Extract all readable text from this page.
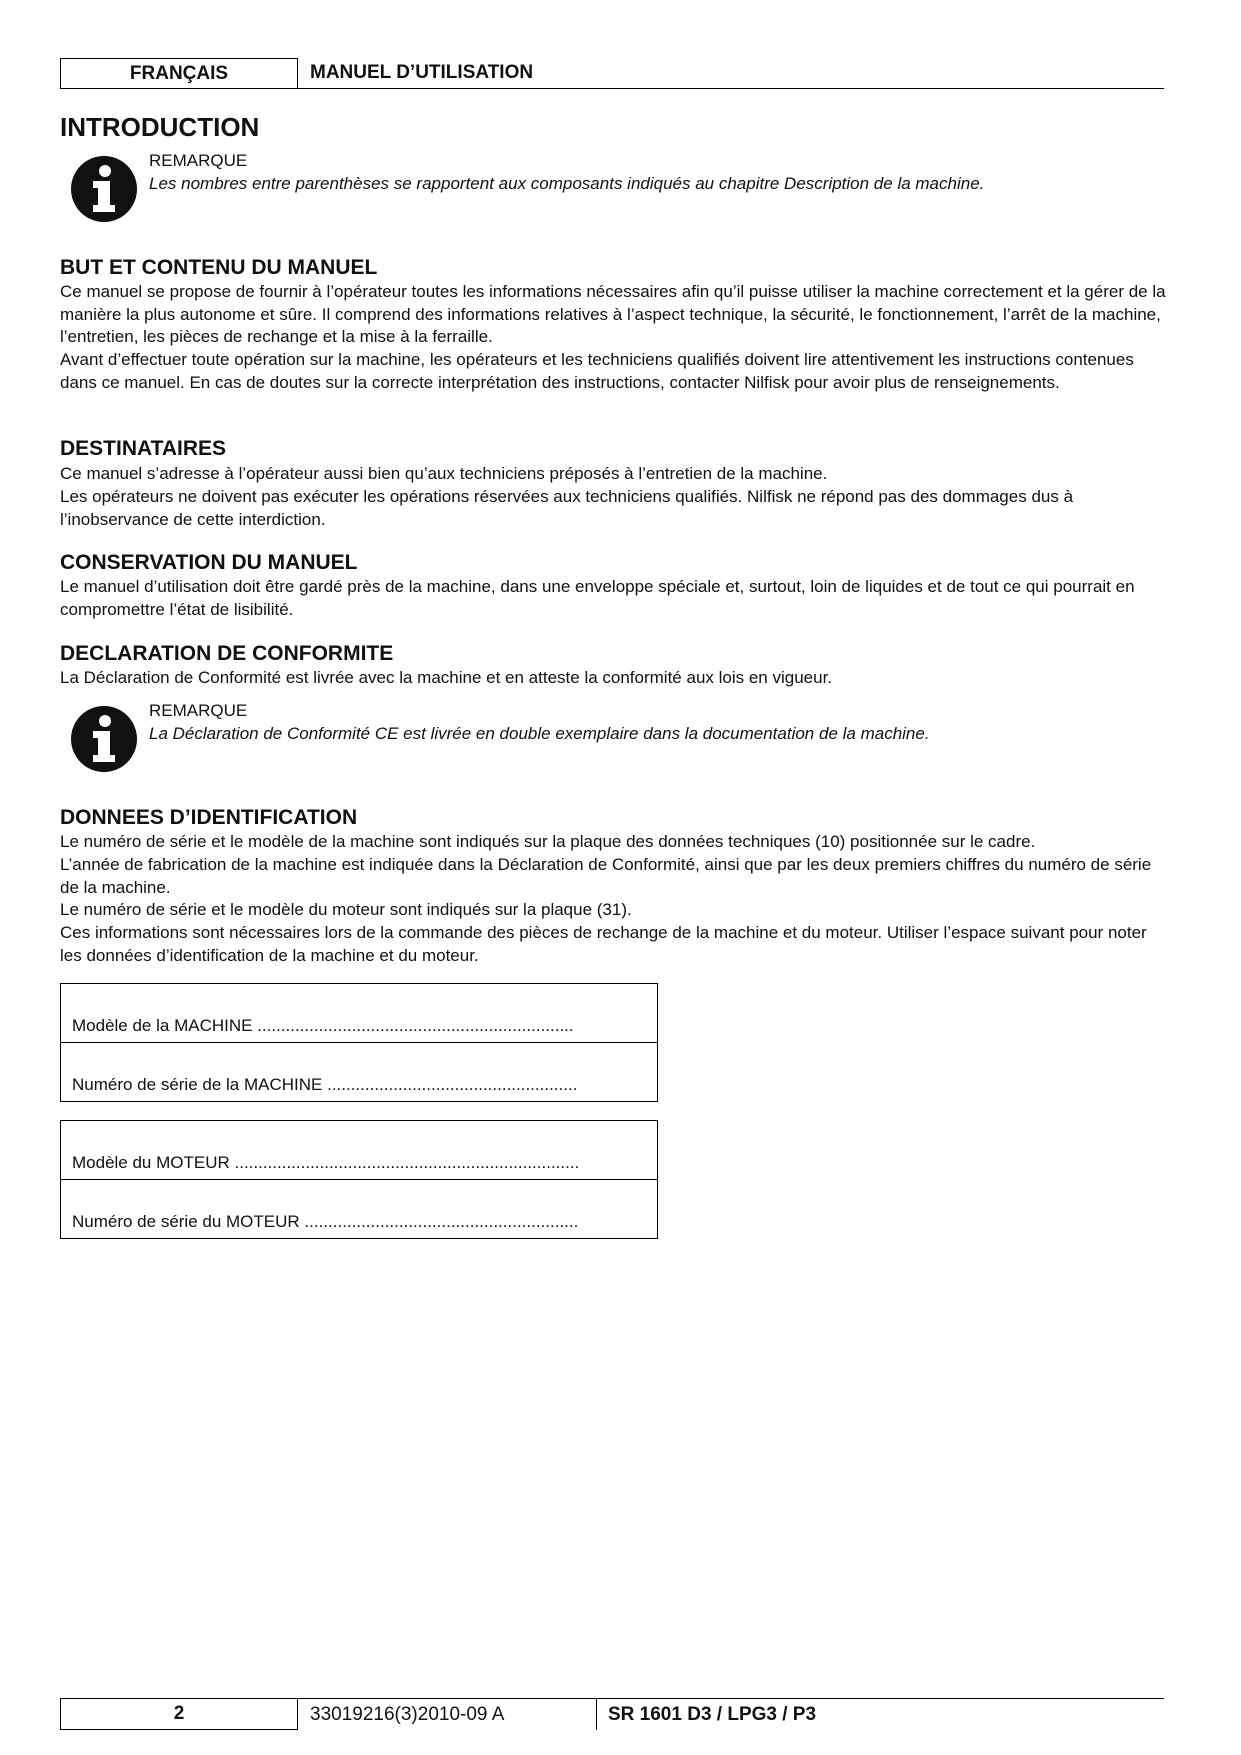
FRANÇAIS	MANUEL D’UTILISATION
INTRODUCTION
REMARQUE
Les nombres entre parenthèses se rapportent aux composants indiqués au chapitre Description de la machine.
BUT ET CONTENU DU MANUEL
Ce manuel se propose de fournir à l’opérateur toutes les informations nécessaires afin qu’il puisse utiliser la machine correctement et la gérer de la manière la plus autonome et sûre. Il comprend des informations relatives à l’aspect technique, la sécurité, le fonctionnement, l’arrêt de la machine, l’entretien, les pièces de rechange et la mise à la ferraille.
Avant d’effectuer toute opération sur la machine, les opérateurs et les techniciens qualifiés doivent lire attentivement les instructions contenues dans ce manuel. En cas de doutes sur la correcte interprétation des instructions, contacter Nilfisk pour avoir plus de renseignements.
DESTINATAIRES
Ce manuel s’adresse à l’opérateur aussi bien qu’aux techniciens préposés à l’entretien de la machine.
Les opérateurs ne doivent pas exécuter les opérations réservées aux techniciens qualifiés. Nilfisk ne répond pas des dommages dus à l’inobservance de cette interdiction.
CONSERVATION DU MANUEL
Le manuel d’utilisation doit être gardé près de la machine, dans une enveloppe spéciale et, surtout, loin de liquides et de tout ce qui pourrait en compromettre l’état de lisibilité.
DECLARATION DE CONFORMITE
La Déclaration de Conformité est livrée avec la machine et en atteste la conformité aux lois en vigueur.
REMARQUE
La Déclaration de Conformité CE est livrée en double exemplaire dans la documentation de la machine.
DONNEES D’IDENTIFICATION
Le numéro de série et le modèle de la machine sont indiqués sur la plaque des données techniques (10) positionnée sur le cadre.
L’année de fabrication de la machine est indiquée dans la Déclaration de Conformité, ainsi que par les deux premiers chiffres du numéro de série de la machine.
Le numéro de série et le modèle du moteur sont indiqués sur la plaque (31).
Ces informations sont nécessaires lors de la commande des pièces de rechange de la machine et du moteur. Utiliser l’espace suivant pour noter les données d’identification de la machine et du moteur.
Modèle de la MACHINE ...................................................................
Numéro de série de la MACHINE .....................................................
Modèle du MOTEUR .........................................................................
Numéro de série du MOTEUR ..........................................................
2	33019216(3)2010-09 A	SR 1601 D3 / LPG3 / P3
